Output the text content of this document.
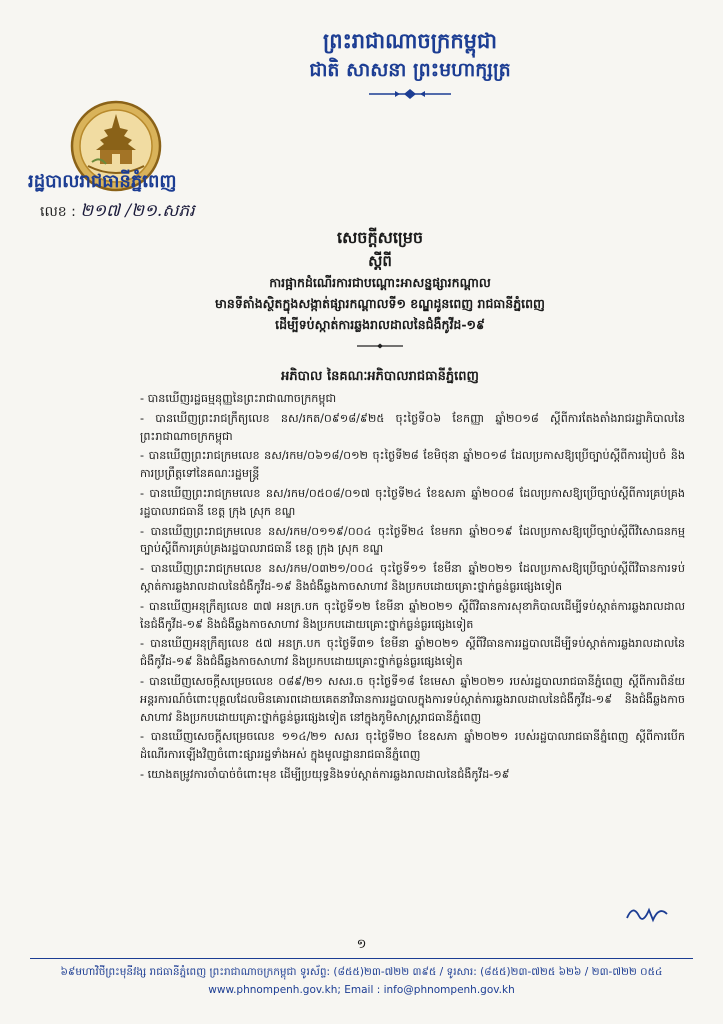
ព្រះរាជាណាចក្រកម្ពុជា
ជាតិ សាសនា ព្រះមហាក្សត្រ
រដ្ឋបាលរាជធានីភ្នំពេញ
លេខ : ២១៧ /២១.សភរ
សេចក្តីសម្រេច
ស្តីពី
ការផ្អាកដំណើរការជាបណ្តោះអាសន្នផ្សារកណ្តាល
មានទីតាំងស្ថិតក្នុងសង្កាត់ផ្សារកណ្តាលទី១ ខណ្ឌដូនពេញ រាជធានីភ្នំពេញ
ដើម្បីទប់ស្កាត់ការឆ្លងរាលដាលនៃជំងឺកូវីដ-១៩
អភិបាល នៃគណៈអភិបាលរាជធានីភ្នំពេញ
- បានឃើញរដ្ឋធម្មនុញ្ញនៃព្រះរាជាណាចក្រកម្ពុជា
- បានឃើញព្រះរាជក្រឹត្យលេខ នស/រកត/០៩១៨/៩២៥ ចុះថ្ងៃទី០៦ ខែកញ្ញា ឆ្នាំ២០១៨ ស្តីពីការតែងតាំងរាជរដ្ឋាភិបាលនៃព្រះរាជាណាចក្រកម្ពុជា
- បានឃើញព្រះរាជក្រមលេខ នស/រកម/០៦១៨/០១២ ចុះថ្ងៃទី២៨ ខែមិថុនា ឆ្នាំ២០១៨ ដែលប្រកាសឱ្យប្រើច្បាប់ស្តីពីការរៀបចំ និងការប្រព្រឹត្តទៅនៃគណៈរដ្ឋមន្ត្រី
- បានឃើញព្រះរាជក្រមលេខ នស/រកម/០៥០៨/០១៧ ចុះថ្ងៃទី២៤ ខែឧសភា ឆ្នាំ២០០៨ ដែលប្រកាសឱ្យប្រើច្បាប់ស្តីពីការគ្រប់គ្រងរដ្ឋបាលរាជធានី ខេត្ត ក្រុង ស្រុក ខណ្ឌ
- បានឃើញព្រះរាជក្រមលេខ នស/រកម/០១១៩/០០៤ ចុះថ្ងៃទី២៤ ខែមករា ឆ្នាំ២០១៩ ដែលប្រកាសឱ្យប្រើច្បាប់ស្តីពីវិសោធនកម្មច្បាប់ស្តីពីការគ្រប់គ្រងរដ្ឋបាលរាជធានី ខេត្ត ក្រុង ស្រុក ខណ្ឌ
- បានឃើញព្រះរាជក្រមលេខ នស/រកម/០៣២១/០០៤ ចុះថ្ងៃទី១១ ខែមីនា ឆ្នាំ២០២១ ដែលប្រកាសឱ្យប្រើច្បាប់ស្តីពីវិធានការទប់ស្កាត់ការឆ្លងរាលដាលនៃជំងឺកូវីដ-១៩ និងជំងឺឆ្លងកាចសាហាវ និងប្រកបដោយគ្រោះថ្នាក់ធ្ងន់ធ្ងរផ្សេងទៀត
- បានឃើញអនុក្រឹត្យលេខ ៣៧ អនក្រ.បក ចុះថ្ងៃទី១២ ខែមីនា ឆ្នាំ២០២១ ស្តីពីវិធានការសុខាភិបាលដើម្បីទប់ស្កាត់ការឆ្លងរាលដាលនៃជំងឺកូវីដ-១៩ និងជំងឺឆ្លងកាចសាហាវ និងប្រកបដោយគ្រោះថ្នាក់ធ្ងន់ធ្ងរផ្សេងទៀត
- បានឃើញអនុក្រឹត្យលេខ ៥៧ អនក្រ.បក ចុះថ្ងៃទី៣១ ខែមីនា ឆ្នាំ២០២១ ស្តីពីវិធានការរដ្ឋបាលដើម្បីទប់ស្កាត់ការឆ្លងរាលដាលនៃជំងឺកូវីដ-១៩ និងជំងឺឆ្លងកាចសាហាវ និងប្រកបដោយគ្រោះថ្នាក់ធ្ងន់ធ្ងរផ្សេងទៀត
- បានឃើញសេចក្តីសម្រេចលេខ ០៨៩/២១ សសរ.ច ចុះថ្ងៃទី១៨ ខែមេសា ឆ្នាំ២០២១ របស់រដ្ឋបាលរាជធានីភ្នំពេញ ស្តីពីការពិន័យអន្តរការណ៍ចំពោះបុគ្គលដែលមិនគោរពដោយគេតនាវិធានការរដ្ឋបាលក្នុងការទប់ស្កាត់ការឆ្លងរាលដាលនៃជំងឺកូវីដ-១៩ និងជំងឺឆ្លងកាចសាហាវ និងប្រកបដោយគ្រោះថ្នាក់ធ្ងន់ធ្ងរផ្សេងទៀត នៅក្នុងភូមិសាស្ត្ររាជធានីភ្នំពេញ
- បានឃើញសេចក្តីសម្រេចលេខ ១១៤/២១ សសរ ចុះថ្ងៃទី២០ ខែឧសភា ឆ្នាំ២០២១ របស់រដ្ឋបាលរាជធានីភ្នំពេញ ស្តីពីការបើកដំណើរការឡើងវិញចំពោះផ្សាររដ្ឋទាំងអស់ ក្នុងមូលដ្ឋានរាជធានីភ្នំពេញ
- យោងតម្រូវការចាំបាច់ចំពោះមុខ ដើម្បីប្រយុទ្ធនិងទប់ស្កាត់ការឆ្លងរាលដាលនៃជំងឺកូវីដ-១៩
១
៦៩មហាវិថីព្រះមុនីវង្ស រាជធានីភ្នំពេញ ព្រះរាជាណាចក្រកម្ពុជា ទូរស័ព្ទ: (៨៥៥)២៣-៧២២ ៣៩៥ / ទូរសារ: (៨៥៥)២៣-៧២៥ ៦២៦ / ២៣-៧២២ ០៥៤
www.phnompenh.gov.kh; Email : info@phnompenh.gov.kh
